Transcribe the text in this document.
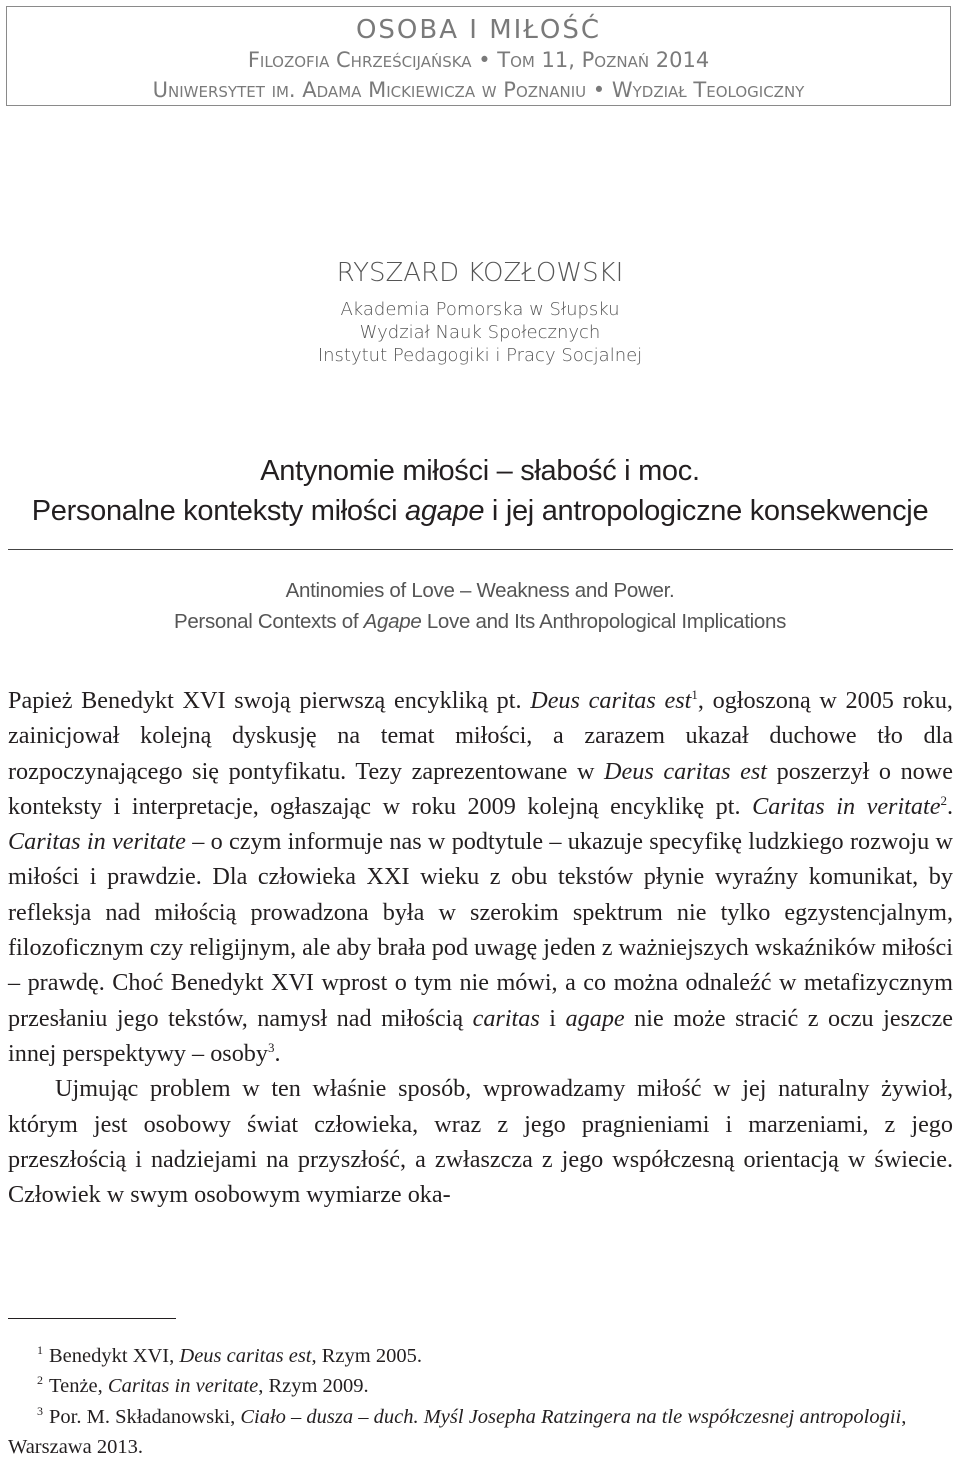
OSOBA I MIŁOŚĆ
Filozofia Chrześcijańska • Tom 11, Poznań 2014
Uniwersytet im. Adama Mickiewicza w Poznaniu • Wydział Teologiczny
RYSZARD KOZŁOWSKI
Akademia Pomorska w Słupsku
Wydział Nauk Społecznych
Instytut Pedagogiki i Pracy Socjalnej
Antynomie miłości – słabość i moc.
Personalne konteksty miłości agape i jej antropologiczne konsekwencje
Antinomies of Love – Weakness and Power.
Personal Contexts of Agape Love and Its Anthropological Implications

Papież Benedykt XVI swoją pierwszą encykliką pt. Deus caritas est$^1$, ogłoszoną w 2005 roku, zainicjował kolejną dyskusję na temat miłości, a zarazem ukazał duchowe tło dla rozpoczynającego się pontyfikatu. Tezy zaprezentowane w Deus caritas est poszerzył o nowe konteksty i interpretacje, ogłaszając w roku 2009 kolejną encyklikę pt. Caritas in veritate$^2$. Caritas in veritate – o czym informuje nas w podtytule – ukazuje specyfikę ludzkiego rozwoju w miłości i prawdzie. Dla człowieka XXI wieku z obu tekstów płynie wyraźny komunikat, by refleksja nad miłością prowadzona była w szerokim spektrum nie tylko egzystencjalnym, filozoficznym czy religijnym, ale aby brała pod uwagę jeden z ważniejszych wskaźników miłości – prawdę. Choć Benedykt XVI wprost o tym nie mówi, a co można odnaleźć w metafizycznym przesłaniu jego tekstów, namysł nad miłością caritas i agape nie może stracić z oczu jeszcze innej perspektywy – osoby$^3$.

Ujmując problem w ten właśnie sposób, wprowadzamy miłość w jej naturalny żywioł, którym jest osobowy świat człowieka, wraz z jego pragnieniami i marzeniami, z jego przeszłością i nadziejami na przyszłość, a zwłaszcza z jego współczesną orientacją w świecie. Człowiek w swym osobowym wymiarze oka-

1 Benedykt XVI, Deus caritas est, Rzym 2005.

2 Tenże, Caritas in veritate, Rzym 2009.

3 Por. M. Składanowski, Ciało – dusza – duch. Myśl Josepha Ratzingera na tle współczesnej antropologii, Warszawa 2013.
